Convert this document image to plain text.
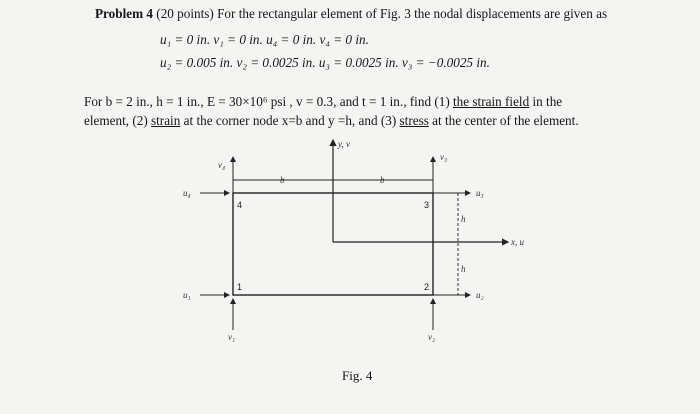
Problem 4 (20 points) For the rectangular element of Fig. 3 the nodal displacements are given as
u₁ = 0 in. v₁ = 0 in. u₄ = 0 in. v₄ = 0 in.
u₂ = 0.005 in. v₂ = 0.0025 in. u₃ = 0.0025 in. v₃ = −0.0025 in.
For b = 2 in., h = 1 in., E = 30×10⁶ psi , v = 0.3, and t = 1 in., find (1) the strain field in the
element, (2) strain at the corner node x=b and y =h, and (3) stress at the center of the element.
y, v
x, u
b	b
h
h
4
1
3
2
u₄
v₄
u₁
v₁
u₃
v₃
u₂
v₂
Fig. 4
